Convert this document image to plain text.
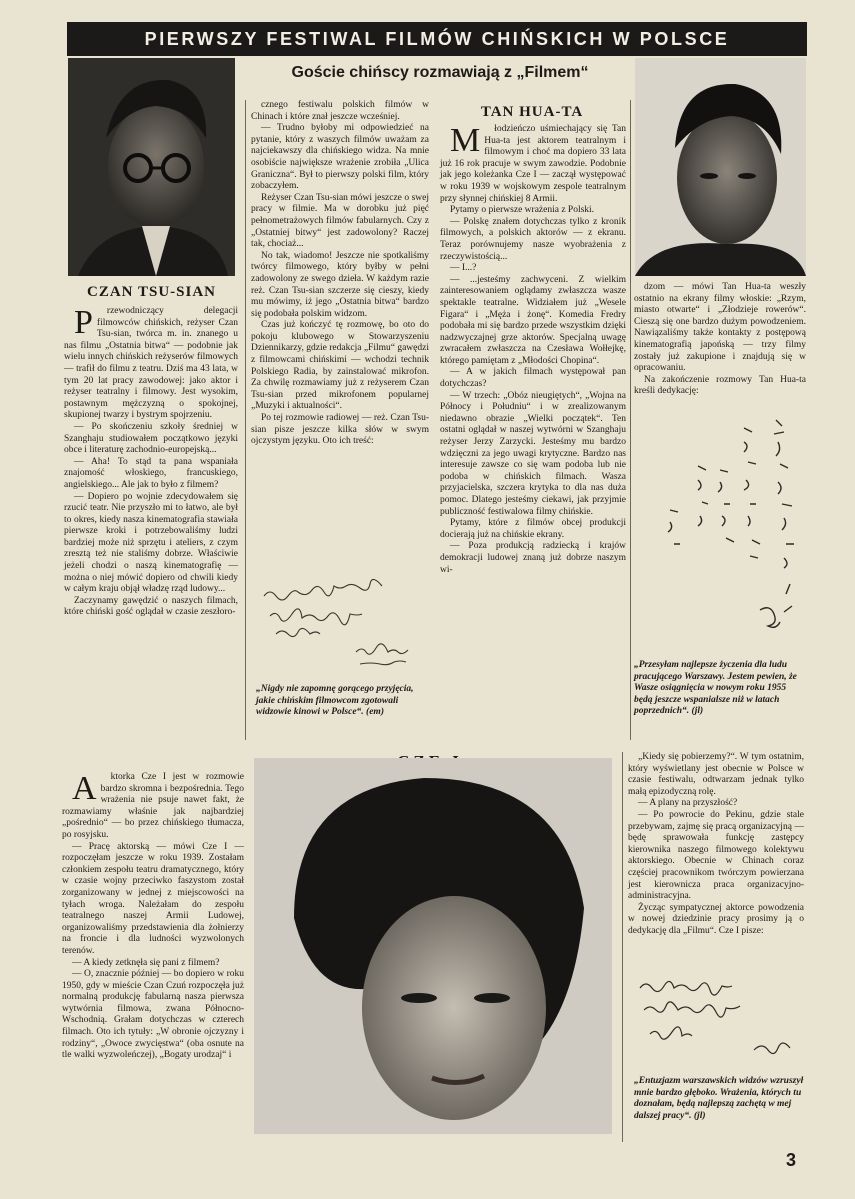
PIERWSZY FESTIWAL FILMÓW CHIŃSKICH W POLSCE
Goście chińscy rozmawiają z „Filmem“
CZAN TSU-SIAN

P rzewodniczący delegacji filmowców chińskich, reżyser Czan Tsu-sian, twórca m. in. znanego u nas filmu „Ostatnia bitwa“ — podobnie jak wielu innych chińskich reżyserów filmowych — trafił do filmu z teatru. Dziś ma 43 lata, w tym 20 lat pracy zawodowej: jako aktor i reżyser teatralny i filmowy. Jest wysokim, postawnym mężczyzną o spokojnej, skupionej twarzy i bystrym spojrzeniu.

— Po skończeniu szkoły średniej w Szanghaju studiowałem początkowo języki obce i literaturę zachodnio-europejską...

— Aha! To stąd ta pana wspaniała znajomość włoskiego, francuskiego, angielskiego... Ale jak to było z filmem?

— Dopiero po wojnie zdecydowałem się rzucić teatr. Nie przyszło mi to łatwo, ale był to okres, kiedy nasza kinematografia stawiała pierwsze kroki i potrzebowaliśmy ludzi bardziej może niż sprzętu i ateliers, z czym zresztą też nie staliśmy dobrze. Właściwie jeżeli chodzi o naszą kinematografię — można o niej mówić dopiero od chwili kiedy w całym kraju objął władzę rząd ludowy...

Zaczynamy gawędzić o naszych filmach, które chiński gość oglądał w czasie zeszłoro-

cznego festiwalu polskich filmów w Chinach i które znał jeszcze wcześniej.

— Trudno byłoby mi odpowiedzieć na pytanie, który z waszych filmów uważam za najciekawszy dla chińskiego widza. Na mnie osobiście największe wrażenie zrobiła „Ulica Graniczna“. Był to pierwszy polski film, który zobaczyłem.

Reżyser Czan Tsu-sian mówi jeszcze o swej pracy w filmie. Ma w dorobku już pięć pełnometrażowych filmów fabularnych. Czy z „Ostatniej bitwy“ jest zadowolony? Raczej tak, chociaż...

No tak, wiadomo! Jeszcze nie spotkaliśmy twórcy filmowego, który byłby w pełni zadowolony ze swego dzieła. W każdym razie reż. Czan Tsu-sian szczerze się cieszy, kiedy mu mówimy, iż jego „Ostatnia bitwa“ bardzo się podobała polskim widzom.

Czas już kończyć tę rozmowę, bo oto do pokoju klubowego w Stowarzyszeniu Dziennikarzy, gdzie redakcja „Filmu“ gawędzi z filmowcami chińskimi — wchodzi technik Polskiego Radia, by zainstalować mikrofon. Za chwilę rozmawiamy już z reżyserem Czan Tsu-sian przed mikrofonem popularnej „Muzyki i aktualności“.

Po tej rozmowie radiowej — reż. Czan Tsu-sian pisze jeszcze kilka słów w swym ojczystym języku. Oto ich treść:

„Nigdy nie zapomnę gorącego przyjęcia, jakie chińskim filmowcom zgotowali widzowie kinowi w Polsce“. (em)
TAN HUA-TA

M łodzieńczo uśmiechający się Tan Hua-ta jest aktorem teatralnym i filmowym i choć ma dopiero 33 lata już 16 rok pracuje w swym zawodzie. Podobnie jak jego koleżanka Cze I — zaczął występować w roku 1939 w wojskowym zespole teatralnym przy słynnej chińskiej 8 Armii.

Pytamy o pierwsze wrażenia z Polski.

— Polskę znałem dotychczas tylko z kronik filmowych, a polskich aktorów — z ekranu. Teraz porównujemy nasze wyobrażenia z rzeczywistością...

— I...?

— ...jesteśmy zachwyceni. Z wielkim zainteresowaniem oglądamy zwłaszcza wasze spektakle teatralne. Widziałem już „Wesele Figara“ i „Męża i żonę“. Komedia Fredry podobała mi się bardzo przede wszystkim dzięki nadzwyczajnej grze aktorów. Specjalną uwagę zwracałem zwłaszcza na Czesława Wołłejkę, którego pamiętam z „Młodości Chopina“.

— A w jakich filmach występował pan dotychczas?

— W trzech: „Obóz nieugiętych“, „Wojna na Północy i Południu“ i w zrealizowanym niedawno obrazie „Wielki początek“. Ten ostatni oglądał w naszej wytwórni w Szanghaju reżyser Jerzy Zarzycki. Jesteśmy mu bardzo wdzięczni za jego uwagi krytyczne. Bardzo nas interesuje zawsze co się wam podoba lub nie podoba w chińskich filmach. Wasza przyjacielska, szczera krytyka to dla nas duża pomoc. Dlatego jesteśmy ciekawi, jak przyjmie publiczność festiwalowa filmy chińskie.

Pytamy, które z filmów obcej produkcji docierają już na chińskie ekrany.

— Poza produkcją radziecką i krajów demokracji ludowej znaną już dobrze naszym wi-

dzom — mówi Tan Hua-ta weszły ostatnio na ekrany filmy włoskie: „Rzym, miasto otwarte“ i „Złodzieje rowerów“. Cieszą się one bardzo dużym powodzeniem. Nawiązaliśmy także kontakty z postępową kinematografią japońską — trzy filmy zostały już zakupione i znajdują się w opracowaniu.

Na zakończenie rozmowy Tan Hua-ta kreśli dedykację:

„Przesyłam najlepsze życzenia dla ludu pracującego Warszawy. Jestem pewien, że Wasze osiągnięcia w nowym roku 1955 będą jeszcze wspanialsze niż w latach poprzednich“. (jl)

A ktorka Cze I jest w rozmowie bardzo skromna i bezpośrednia. Tego wrażenia nie psuje nawet fakt, że rozmawiamy właśnie jak najbardziej „pośrednio“ — bo przez chińskiego tłumacza, po rosyjsku.

— Pracę aktorską — mówi Cze I — rozpoczęłam jeszcze w roku 1939. Zostałam członkiem zespołu teatru dramatycznego, który w czasie wojny przeciwko faszystom został zorganizowany w jednej z miejscowości na tyłach wroga. Należałam do zespołu teatralnego naszej Armii Ludowej, organizowaliśmy przedstawienia dla żołnierzy na froncie i dla ludności wyzwolonych terenów.

— A kiedy zetknęła się pani z filmem?

— O, znacznie później — bo dopiero w roku 1950, gdy w mieście Czan Czuń rozpoczęła już normalną produkcję fabularną nasza pierwsza wytwórnia filmowa, zwana Północno-Wschodnią. Grałam dotychczas w czterech filmach. Oto ich tytuły: „W obronie ojczyzny i rodziny“, „Owoce zwycięstwa“ (oba osnute na tle walki wyzwoleńczej), „Bogaty urodzaj“ i

„Kiedy się pobierzemy?“. W tym ostatnim, który wyświetlany jest obecnie w Polsce w czasie festiwalu, odtwarzam jednak tylko małą epizodyczną rolę.

— A plany na przyszłość?

— Po powrocie do Pekinu, gdzie stale przebywam, zajmę się pracą organizacyjną — będę sprawowała funkcję zastępcy kierownika naszego filmowego kolektywu aktorskiego. Obecnie w Chinach coraz częściej pracownikom twórczym powierzana jest kierownicza praca organizacyjno-administracyjna.

Życząc sympatycznej aktorce powodzenia w nowej dziedzinie pracy prosimy ją o dedykację dla „Filmu“. Cze I pisze:

„Entuzjazm warszawskich widzów wzruszył mnie bardzo głęboko. Wrażenia, których tu doznałam, będą najlepszą zachętą w mej dalszej pracy“. (jl)
3
